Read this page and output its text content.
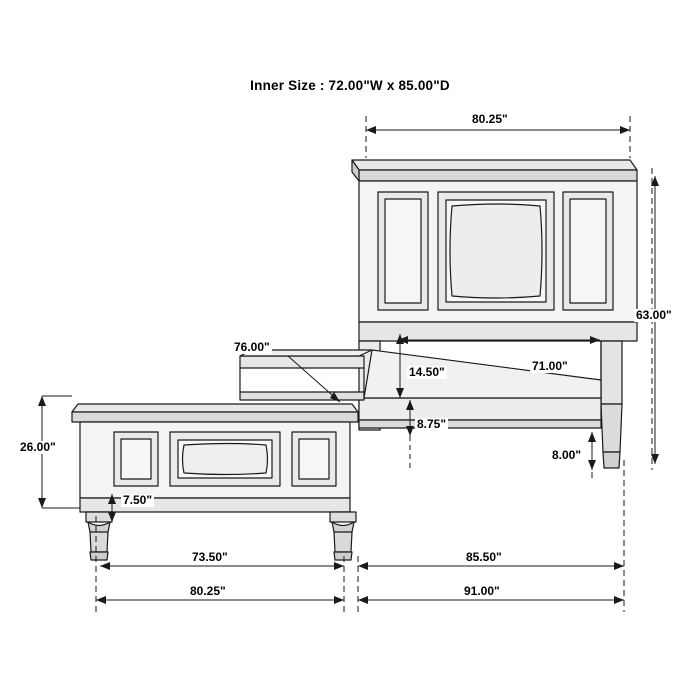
Inner Size : 72.00"W x 85.00"D
80.25"
63.00"
71.00"
76.00"
14.50"
8.75"
26.00"
7.50"
8.00"
73.50"	85.50"
80.25"	91.00"
